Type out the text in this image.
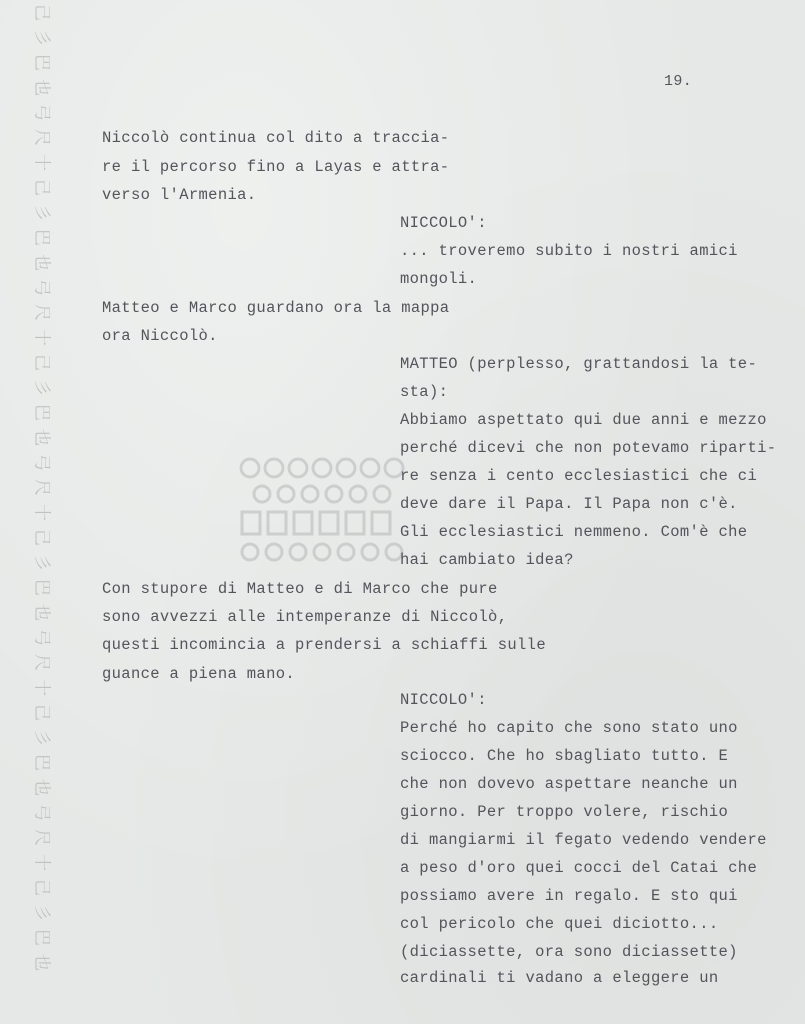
己
彡
巴
也
弓
尺
十
己
彡
巴
也
弓
尺
十
己
彡
巴
也
弓
尺
十
己
彡
巴
也
弓
尺
十
己
彡
巴
也
弓
尺
十
己
彡
巴
也
19.
Niccolò continua col dito a traccia-
re il percorso fino a Layas e attra-
verso l'Armenia.
NICCOLO':
... troveremo subito i nostri amici
mongoli.
Matteo e Marco guardano ora la mappa
ora Niccolò.
MATTEO (perplesso, grattandosi la te-
sta):
Abbiamo aspettato qui due anni e mezzo
perché dicevi che non potevamo riparti-
re senza i cento ecclesiastici che ci
deve dare il Papa. Il Papa non c'è.
Gli ecclesiastici nemmeno. Com'è che
hai cambiato idea?
Con stupore di Matteo e di Marco che pure
sono avvezzi alle intemperanze di Niccolò,
questi incomincia a prendersi a schiaffi sulle
guance a piena mano.
NICCOLO':
Perché ho capito che sono stato uno
sciocco. Che ho sbagliato tutto. E
che non dovevo aspettare neanche un
giorno. Per troppo volere, rischio
di mangiarmi il fegato vedendo vendere
a peso d'oro quei cocci del Catai che
possiamo avere in regalo. E sto qui
col pericolo che quei diciotto...
(diciassette, ora sono diciassette)
cardinali ti vadano a eleggere un
